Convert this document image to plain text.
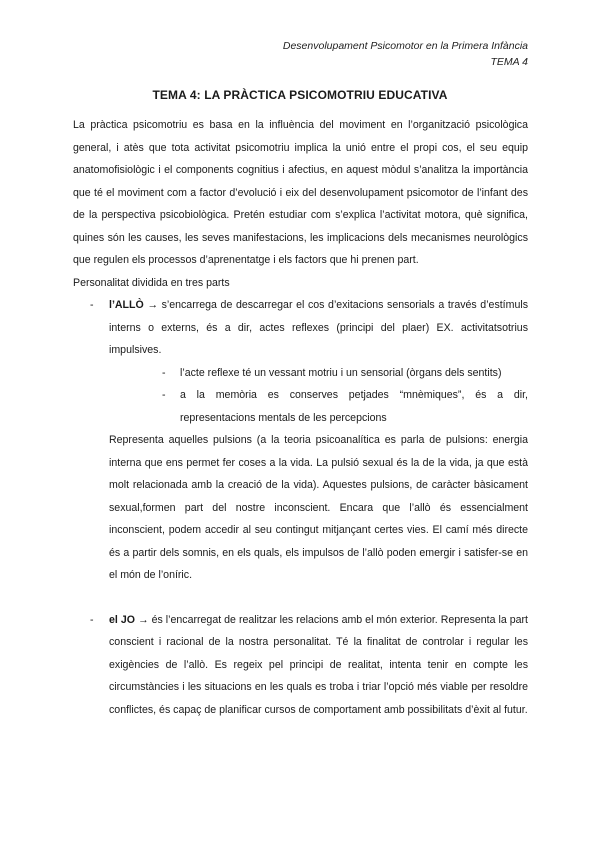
Desenvolupament Psicomotor en la Primera Infància
TEMA 4
TEMA 4: LA PRÀCTICA PSICOMOTRIU EDUCATIVA

La pràctica psicomotriu es basa en la influència del moviment en l’organització psicològica general, i atès que tota activitat psicomotriu implica la unió entre el propi cos, el seu equip anatomofisiològic i el components cognitius i afectius, en aquest mòdul s’analitza la importància que té el moviment com a factor d’evolució i eix del desenvolupament psicomotor de l’infant des de la perspectiva psicobiològica. Pretén estudiar com s’explica l’activitat motora, què significa, quines són les causes, les seves manifestacions, les implicacions dels mecanismes neurològics que regulen els processos d’aprenentatge i els factors que hi prenen part.

Personalitat dividida en tres parts

- l’ALLÒ → s’encarrega de descarregar el cos d’exitacions sensorials a través d’estímuls interns o externs, és a dir, actes reflexes (principi del plaer) EX. activitatsotrius impulsives.
- l’acte reflexe té un vessant motriu i un sensorial (òrgans dels sentits)
- a la memòria es conserves petjades “mnèmiques”, és a dir, representacions mentals de les percepcions

Representa aquelles pulsions (a la teoria psicoanalítica es parla de pulsions: energia interna que ens permet fer coses a la vida. La pulsió sexual és la de la vida, ja que està molt relacionada amb la creació de la vida). Aquestes pulsions, de caràcter bàsicament sexual,formen part del nostre inconscient. Encara que l’allò és essencialment inconscient, podem accedir al seu contingut mitjançant certes vies. El camí més directe és a partir dels somnis, en els quals, els impulsos de l’allò poden emergir i satisfer-se en el món de l’oníric.

- el JO → és l’encarregat de realitzar les relacions amb el món exterior. Representa la part conscient i racional de la nostra personalitat. Té la finalitat de controlar i regular les exigències de l’allò. Es regeix pel principi de realitat, intenta tenir en compte les circumstàncies i les situacions en les quals es troba i triar l’opció més viable per resoldre conflictes, és capaç de planificar cursos de comportament amb possibilitats d’èxit al futur.
